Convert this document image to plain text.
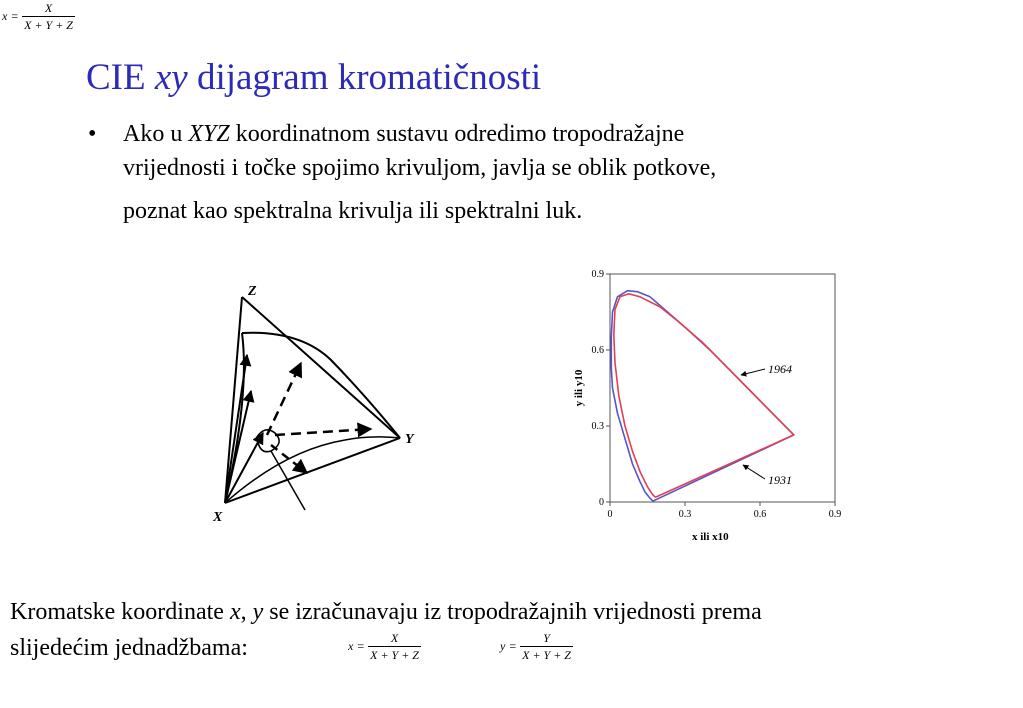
$x = \frac{X}{X + Y + Z}$
CIE xy dijagram kromatičnosti
• Ako u XYZ koordinatnom sustavu odredimo tropodražajne
vrijednosti i točke spojimo krivuljom, javlja se oblik potkove,
poznat kao spektralna krivulja ili spektralni luk.
Z
Y
X	0	0.3	0.6	0.9
0
0.3
0.6
0.9
1964
1931
x ili x10
y ili y10
Kromatske koordinate x, y se izračunavaju iz tropodražajnih vrijednosti prema
slijedećim jednadžbama:	$x = \frac{X}{X + Y + Z}$	$y = \frac{Y}{X + Y + Z}$
